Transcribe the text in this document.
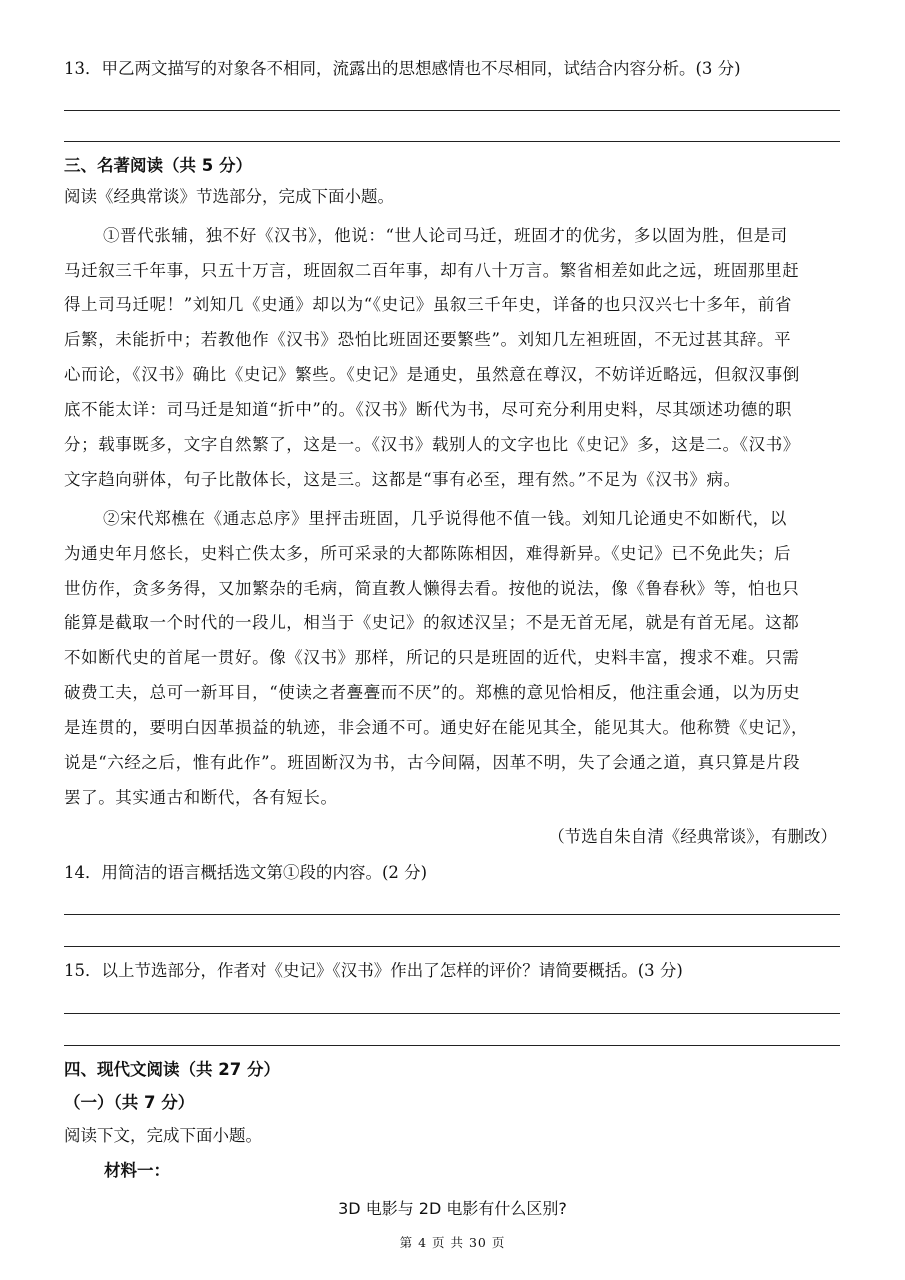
13．甲乙两文描写的对象各不相同，流露出的思想感情也不尽相同，试结合内容分析。(3 分)
三、名著阅读（共 5 分）
阅读《经典常谈》节选部分，完成下面小题。
①晋代张辅，独不好《汉书》，他说：“世人论司马迁，班固才的优劣，多以固为胜，但是司
马迁叙三千年事，只五十万言，班固叙二百年事，却有八十万言。繁省相差如此之远，班固那里赶
得上司马迁呢！”刘知几《史通》却以为“《史记》虽叙三千年史，详备的也只汉兴七十多年，前省
后繁，未能折中；若教他作《汉书》恐怕比班固还要繁些”。刘知几左袒班固，不无过甚其辞。平
心而论，《汉书》确比《史记》繁些。《史记》是通史，虽然意在尊汉，不妨详近略远，但叙汉事倒
底不能太详：司马迁是知道“折中”的。《汉书》断代为书，尽可充分利用史料，尽其颂述功德的职
分；载事既多，文字自然繁了，这是一。《汉书》载别人的文字也比《史记》多，这是二。《汉书》
文字趋向骈体，句子比散体长，这是三。这都是“事有必至，理有然。”不足为《汉书》病。
②宋代郑樵在《通志总序》里抨击班固，几乎说得他不值一钱。刘知几论通史不如断代，以
为通史年月悠长，史料亡佚太多，所可采录的大都陈陈相因，难得新异。《史记》已不免此失；后
世仿作，贪多务得，又加繁杂的毛病，简直教人懒得去看。按他的说法，像《鲁春秋》等，怕也只
能算是截取一个时代的一段儿，相当于《史记》的叙述汉呈；不是无首无尾，就是有首无尾。这都
不如断代史的首尾一贯好。像《汉书》那样，所记的只是班固的近代，史料丰富，搜求不难。只需
破费工夫，总可一新耳目，“使读之者亹亹而不厌”的。郑樵的意见恰相反，他注重会通，以为历史
是连贯的，要明白因革损益的轨迹，非会通不可。通史好在能见其全，能见其大。他称赞《史记》，
说是“六经之后，惟有此作”。班固断汉为书，古今间隔，因革不明，失了会通之道，真只算是片段
罢了。其实通古和断代，各有短长。
（节选自朱自清《经典常谈》，有删改）
14．用简洁的语言概括选文第①段的内容。(2 分)
15．以上节选部分，作者对《史记》《汉书》作出了怎样的评价？请简要概括。(3 分)
四、现代文阅读（共 27 分）
（一）（共 7 分）
阅读下文，完成下面小题。
材料一：
3D 电影与 2D 电影有什么区别?
第 4 页 共 30 页
